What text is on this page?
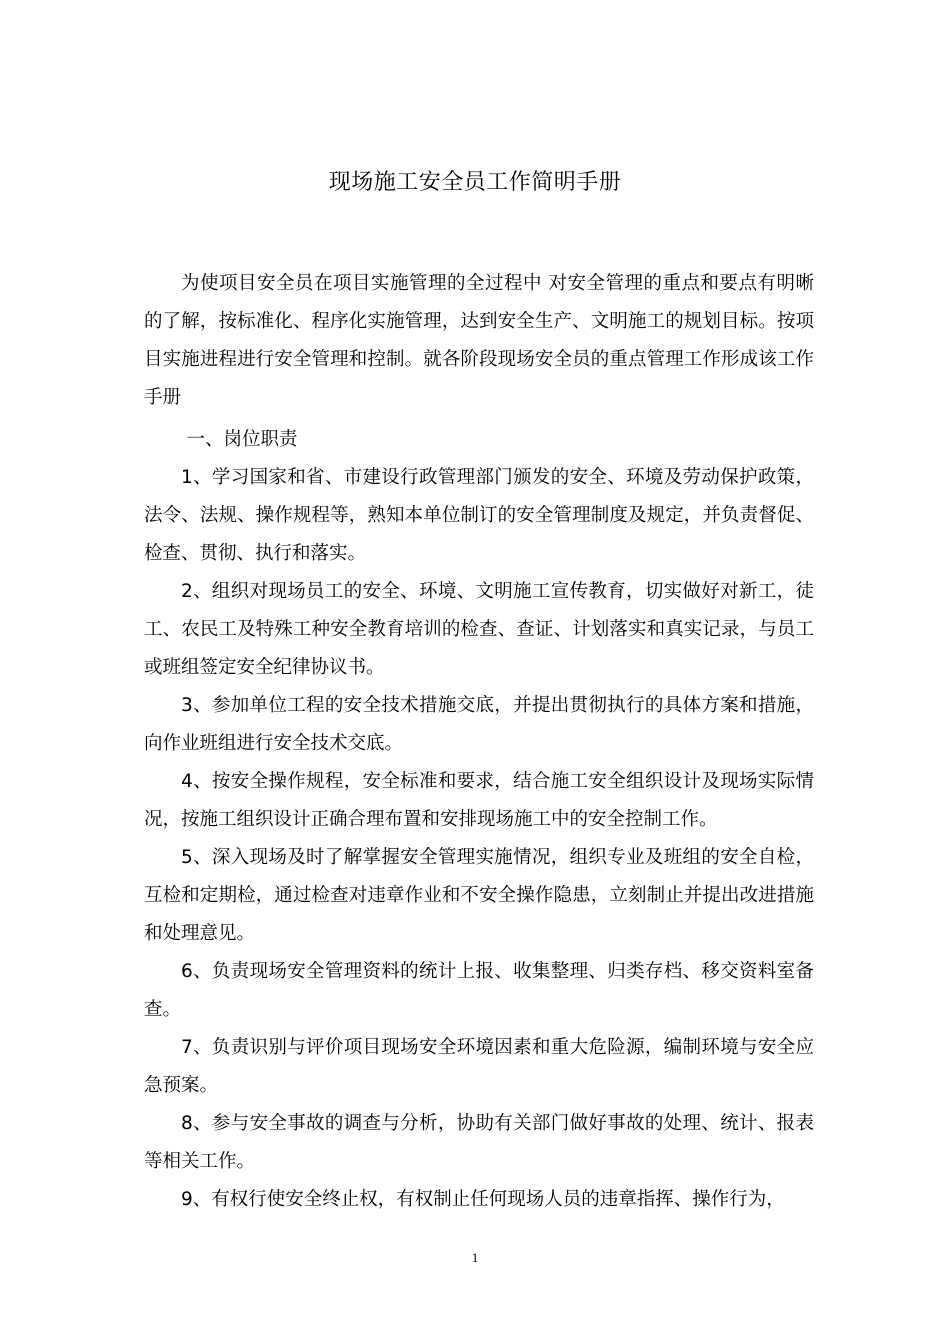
现场施工安全员工作简明手册

为使项目安全员在项目实施管理的全过程中 对安全管理的重点和要点有明晰的了解，按标准化、程序化实施管理，达到安全生产、文明施工的规划目标。按项目实施进程进行安全管理和控制。就各阶段现场安全员的重点管理工作形成该工作手册

一、岗位职责

1、学习国家和省、市建设行政管理部门颁发的安全、环境及劳动保护政策，法令、法规、操作规程等，熟知本单位制订的安全管理制度及规定，并负责督促、检查、贯彻、执行和落实。

2、组织对现场员工的安全、环境、文明施工宣传教育，切实做好对新工，徒工、农民工及特殊工种安全教育培训的检查、查证、计划落实和真实记录，与员工或班组签定安全纪律协议书。

3、参加单位工程的安全技术措施交底，并提出贯彻执行的具体方案和措施，向作业班组进行安全技术交底。

4、按安全操作规程，安全标准和要求，结合施工安全组织设计及现场实际情况，按施工组织设计正确合理布置和安排现场施工中的安全控制工作。

5、深入现场及时了解掌握安全管理实施情况，组织专业及班组的安全自检，互检和定期检，通过检查对违章作业和不安全操作隐患，立刻制止并提出改进措施和处理意见。

6、负责现场安全管理资料的统计上报、收集整理、归类存档、移交资料室备查。

7、负责识别与评价项目现场安全环境因素和重大危险源，编制环境与安全应急预案。

8、参与安全事故的调查与分析，协助有关部门做好事故的处理、统计、报表等相关工作。

9、有权行使安全终止权，有权制止任何现场人员的违章指挥、操作行为，

1
